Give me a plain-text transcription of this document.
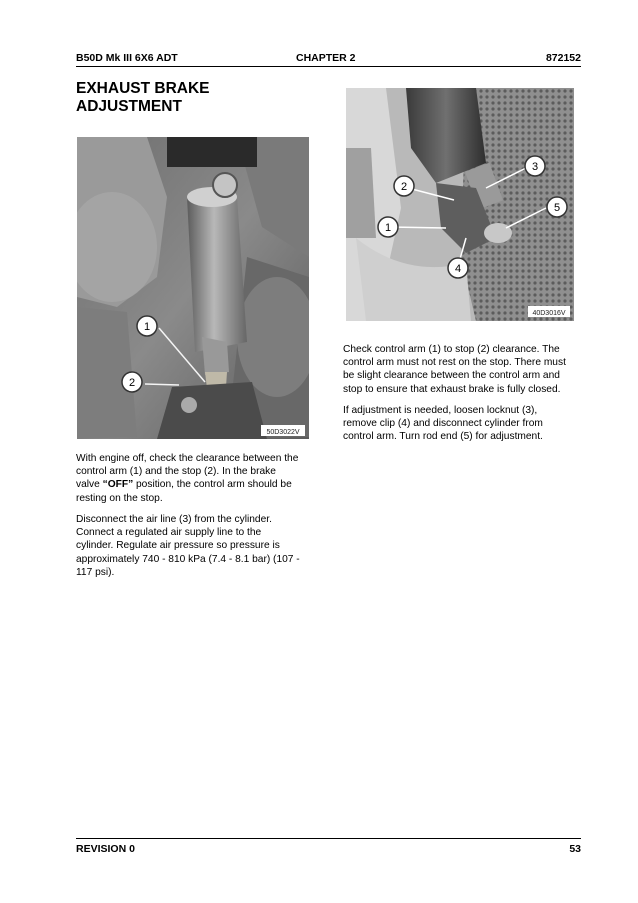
B50D Mk III 6X6 ADT	CHAPTER 2	872152
EXHAUST BRAKE
ADJUSTMENT
1
2
50D3022V
2
1
3
5
4
40D3016V
With engine off, check the clearance between the
control arm (1) and the stop (2). In the brake
valve “OFF” position, the control arm should be
resting on the stop.
Disconnect the air line (3) from the cylinder.
Connect a regulated air supply line to the
cylinder. Regulate air pressure so pressure is
approximately 740 - 810 kPa (7.4 - 8.1 bar) (107 -
117 psi).
Check control arm (1) to stop (2) clearance. The
control arm must not rest on the stop. There must
be slight clearance between the control arm and
stop to ensure that exhaust brake is fully closed.
If adjustment is needed, loosen locknut (3),
remove clip (4) and disconnect cylinder from
control arm. Turn rod end (5) for adjustment.
REVISION 0	53
